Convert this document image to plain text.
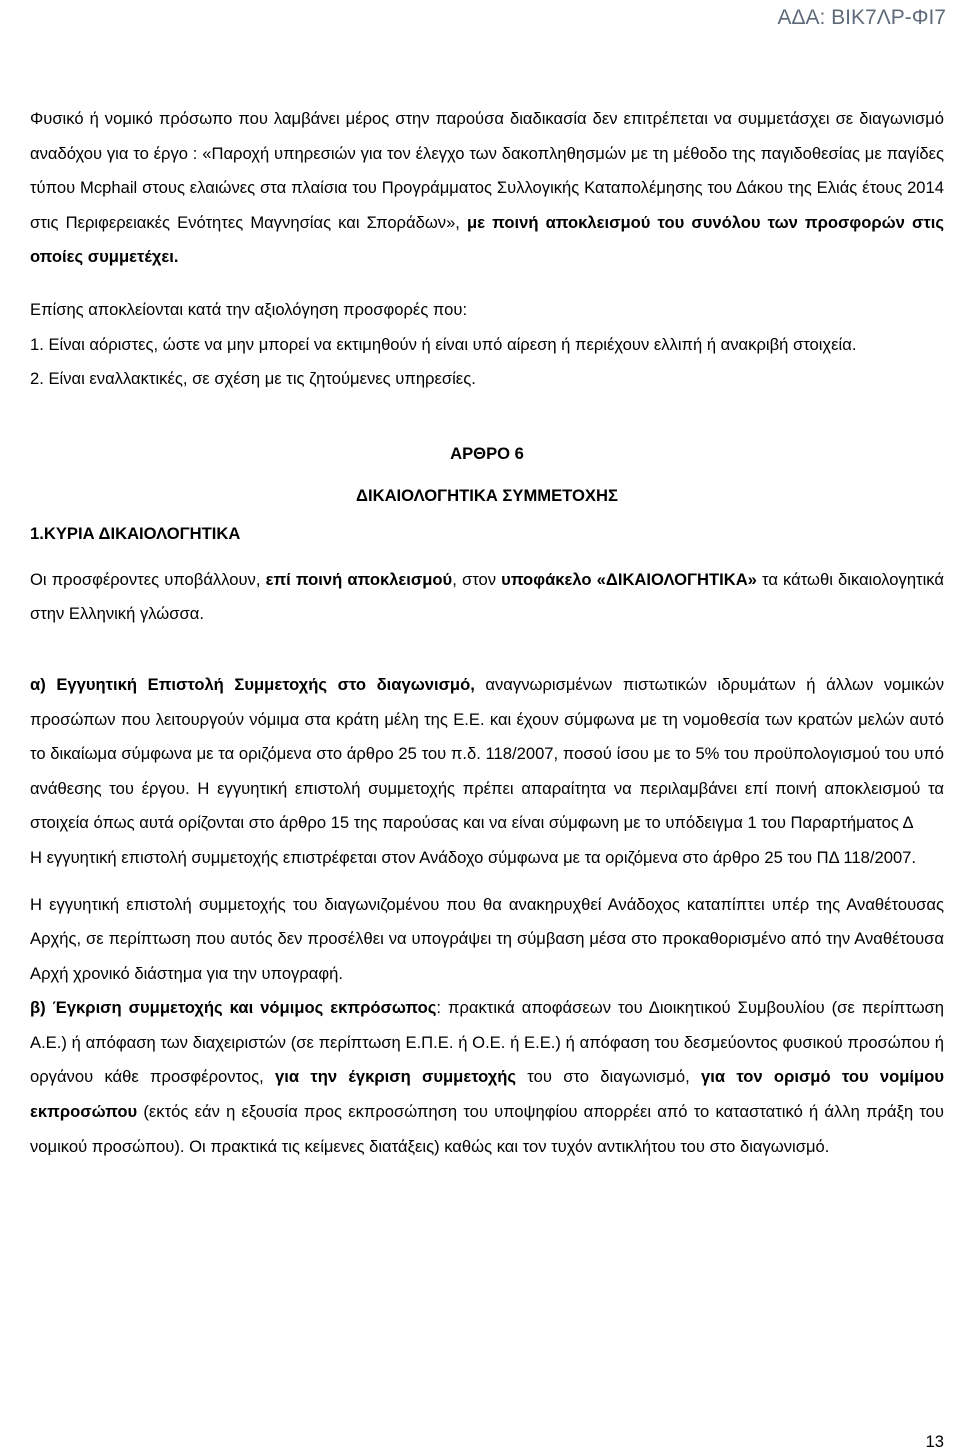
ΑΔΑ: ΒΙΚ7ΛΡ-ΦΙ7

Φυσικό ή νομικό πρόσωπο που λαμβάνει μέρος στην παρούσα διαδικασία δεν επιτρέπεται να συμμετάσχει σε διαγωνισμό αναδόχου για το έργο : «Παροχή υπηρεσιών για τον έλεγχο των δακοπληθησμών με τη μέθοδο της παγιδοθεσίας με παγίδες τύπου Mcphail στους ελαιώνες στα πλαίσια του Προγράμματος Συλλογικής Καταπολέμησης του Δάκου της Ελιάς έτους 2014 στις Περιφερειακές Ενότητες Μαγνησίας και Σποράδων», με ποινή αποκλεισμού του συνόλου των προσφορών στις οποίες συμμετέχει.

Επίσης αποκλείονται κατά την αξιολόγηση προσφορές που:

1. Είναι αόριστες, ώστε να μην μπορεί να εκτιμηθούν ή είναι υπό αίρεση ή περιέχουν ελλιπή ή ανακριβή στοιχεία.

2. Είναι εναλλακτικές, σε σχέση με τις ζητούμενες υπηρεσίες.

ΑΡΘΡΟ 6
ΔΙΚΑΙΟΛΟΓΗΤΙΚΑ ΣΥΜΜΕΤΟΧΗΣ
1.ΚΥΡΙΑ ΔΙΚΑΙΟΛΟΓΗΤΙΚΑ

Οι προσφέροντες υποβάλλουν, επί ποινή αποκλεισμού, στον υποφάκελο «ΔΙΚΑΙΟΛΟΓΗΤΙΚΑ» τα κάτωθι δικαιολογητικά στην Ελληνική γλώσσα.

α) Εγγυητική Επιστολή Συμμετοχής στο διαγωνισμό, αναγνωρισμένων πιστωτικών ιδρυμάτων ή άλλων νομικών προσώπων που λειτουργούν νόμιμα στα κράτη μέλη της Ε.Ε. και έχουν σύμφωνα με τη νομοθεσία των κρατών μελών αυτό το δικαίωμα σύμφωνα με τα οριζόμενα στο άρθρο 25 του π.δ. 118/2007, ποσού ίσου με το 5% του προϋπολογισμού του υπό ανάθεσης του έργου. Η εγγυητική επιστολή συμμετοχής πρέπει απαραίτητα να περιλαμβάνει επί ποινή αποκλεισμού τα στοιχεία όπως αυτά ορίζονται στο άρθρο 15 της παρούσας και να είναι σύμφωνη με το υπόδειγμα 1 του Παραρτήματος Δ

Η εγγυητική επιστολή συμμετοχής επιστρέφεται στον Ανάδοχο σύμφωνα με τα οριζόμενα στο άρθρο 25 του ΠΔ 118/2007.

Η εγγυητική επιστολή συμμετοχής του διαγωνιζομένου που θα ανακηρυχθεί Ανάδοχος καταπίπτει υπέρ της Αναθέτουσας Αρχής, σε περίπτωση που αυτός δεν προσέλθει να υπογράψει τη σύμβαση μέσα στο προκαθορισμένο από την Αναθέτουσα Αρχή χρονικό διάστημα για την υπογραφή.

β) Έγκριση συμμετοχής και νόμιμος εκπρόσωπος: πρακτικά αποφάσεων του Διοικητικού Συμβουλίου (σε περίπτωση Α.Ε.) ή απόφαση των διαχειριστών (σε περίπτωση Ε.Π.Ε. ή Ο.Ε. ή Ε.Ε.) ή απόφαση του δεσμεύοντος φυσικού προσώπου ή οργάνου κάθε προσφέροντος, για την έγκριση συμμετοχής του στο διαγωνισμό, για τον ορισμό του νομίμου εκπροσώπου (εκτός εάν η εξουσία προς εκπροσώπηση του υποψηφίου απορρέει από το καταστατικό ή άλλη πράξη του νομικού προσώπου). Οι πρακτικά τις κείμενες διατάξεις) καθώς και τον τυχόν αντικλήτου του στο διαγωνισμό.

13
